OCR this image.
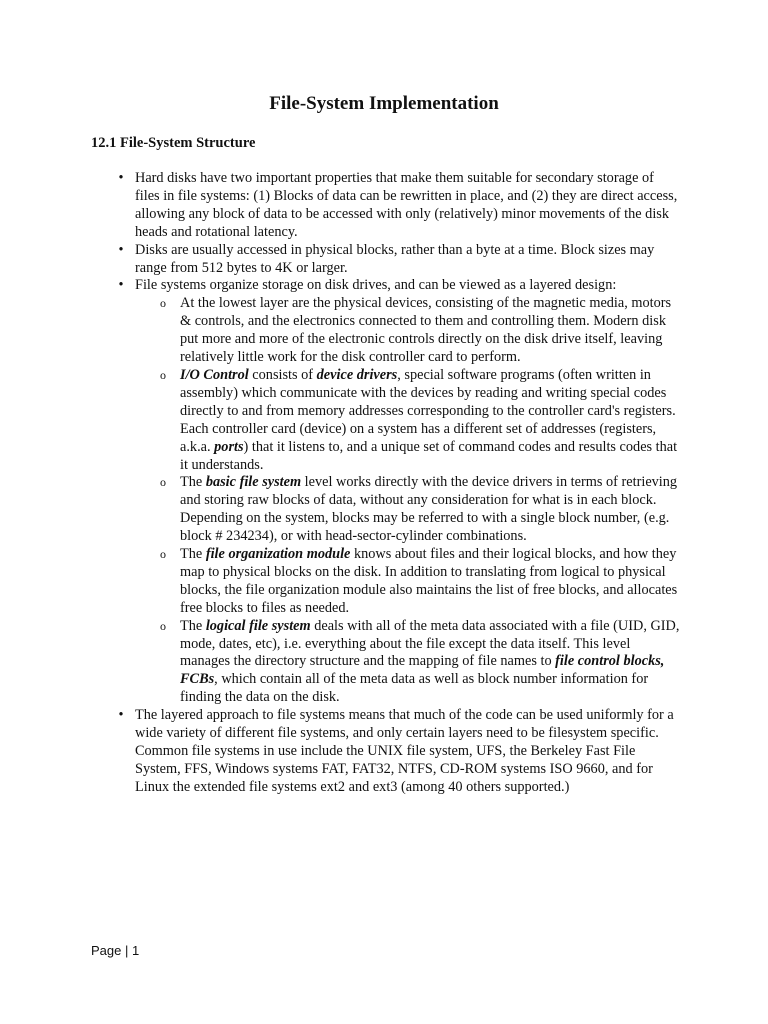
File-System Implementation
12.1 File-System Structure
• Hard disks have two important properties that make them suitable for secondary storage of files in file systems: (1) Blocks of data can be rewritten in place, and (2) they are direct access, allowing any block of data to be accessed with only (relatively) minor movements of the disk heads and rotational latency.
• Disks are usually accessed in physical blocks, rather than a byte at a time. Block sizes may range from 512 bytes to 4K or larger.
• File systems organize storage on disk drives, and can be viewed as a layered design:
o At the lowest layer are the physical devices, consisting of the magnetic media, motors & controls, and the electronics connected to them and controlling them. Modern disk put more and more of the electronic controls directly on the disk drive itself, leaving relatively little work for the disk controller card to perform.
o I/O Control consists of device drivers, special software programs (often written in assembly) which communicate with the devices by reading and writing special codes directly to and from memory addresses corresponding to the controller card's registers. Each controller card (device) on a system has a different set of addresses (registers, a.k.a. ports) that it listens to, and a unique set of command codes and results codes that it understands.
o The basic file system level works directly with the device drivers in terms of retrieving and storing raw blocks of data, without any consideration for what is in each block. Depending on the system, blocks may be referred to with a single block number, (e.g. block # 234234), or with head-sector-cylinder combinations.
o The file organization module knows about files and their logical blocks, and how they map to physical blocks on the disk. In addition to translating from logical to physical blocks, the file organization module also maintains the list of free blocks, and allocates free blocks to files as needed.
o The logical file system deals with all of the meta data associated with a file (UID, GID, mode, dates, etc), i.e. everything about the file except the data itself. This level manages the directory structure and the mapping of file names to file control blocks, FCBs, which contain all of the meta data as well as block number information for finding the data on the disk.
• The layered approach to file systems means that much of the code can be used uniformly for a wide variety of different file systems, and only certain layers need to be filesystem specific. Common file systems in use include the UNIX file system, UFS, the Berkeley Fast File System, FFS, Windows systems FAT, FAT32, NTFS, CD-ROM systems ISO 9660, and for Linux the extended file systems ext2 and ext3 (among 40 others supported.)
Page | 1
